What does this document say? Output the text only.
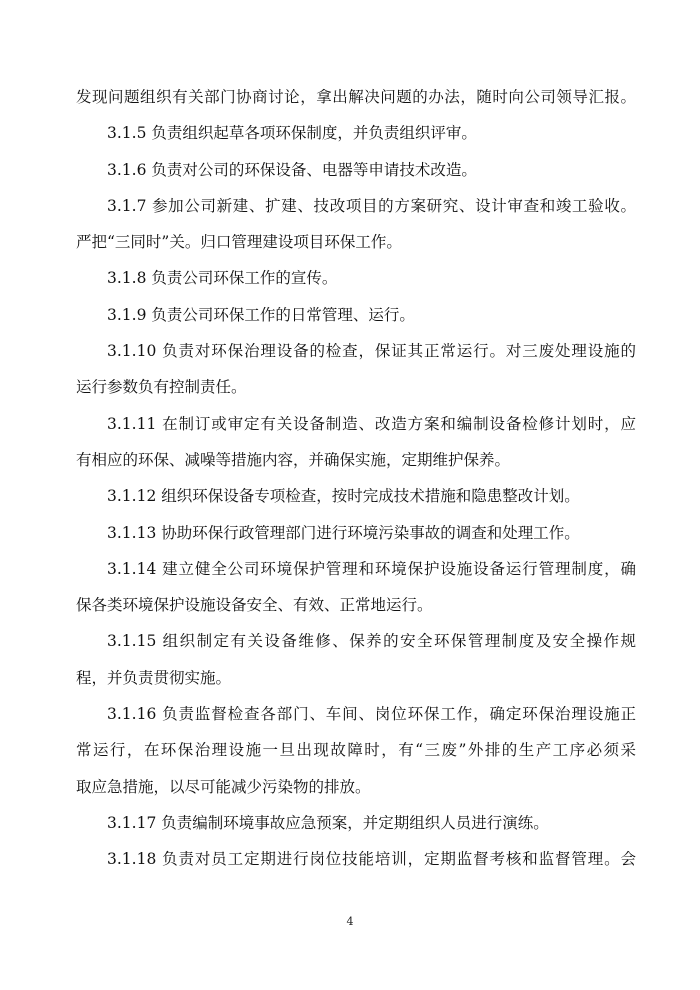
发现问题组织有关部门协商讨论，拿出解决问题的办法，随时向公司领导汇报。
3.1.5 负责组织起草各项环保制度，并负责组织评审。
3.1.6 负责对公司的环保设备、电器等申请技术改造。
3.1.7 参加公司新建、扩建、技改项目的方案研究、设计审查和竣工验收。
严把“三同时”关。归口管理建设项目环保工作。
3.1.8 负责公司环保工作的宣传。
3.1.9 负责公司环保工作的日常管理、运行。
3.1.10 负责对环保治理设备的检查，保证其正常运行。对三废处理设施的
运行参数负有控制责任。
3.1.11 在制订或审定有关设备制造、改造方案和编制设备检修计划时，应
有相应的环保、减噪等措施内容，并确保实施，定期维护保养。
3.1.12 组织环保设备专项检查，按时完成技术措施和隐患整改计划。
3.1.13 协助环保行政管理部门进行环境污染事故的调查和处理工作。
3.1.14 建立健全公司环境保护管理和环境保护设施设备运行管理制度，确
保各类环境保护设施设备安全、有效、正常地运行。
3.1.15 组织制定有关设备维修、保养的安全环保管理制度及安全操作规
程，并负责贯彻实施。
3.1.16 负责监督检查各部门、车间、岗位环保工作，确定环保治理设施正
常运行，在环保治理设施一旦出现故障时，有“三废”外排的生产工序必须采
取应急措施，以尽可能减少污染物的排放。
3.1.17 负责编制环境事故应急预案，并定期组织人员进行演练。
3.1.18 负责对员工定期进行岗位技能培训，定期监督考核和监督管理。会
4
